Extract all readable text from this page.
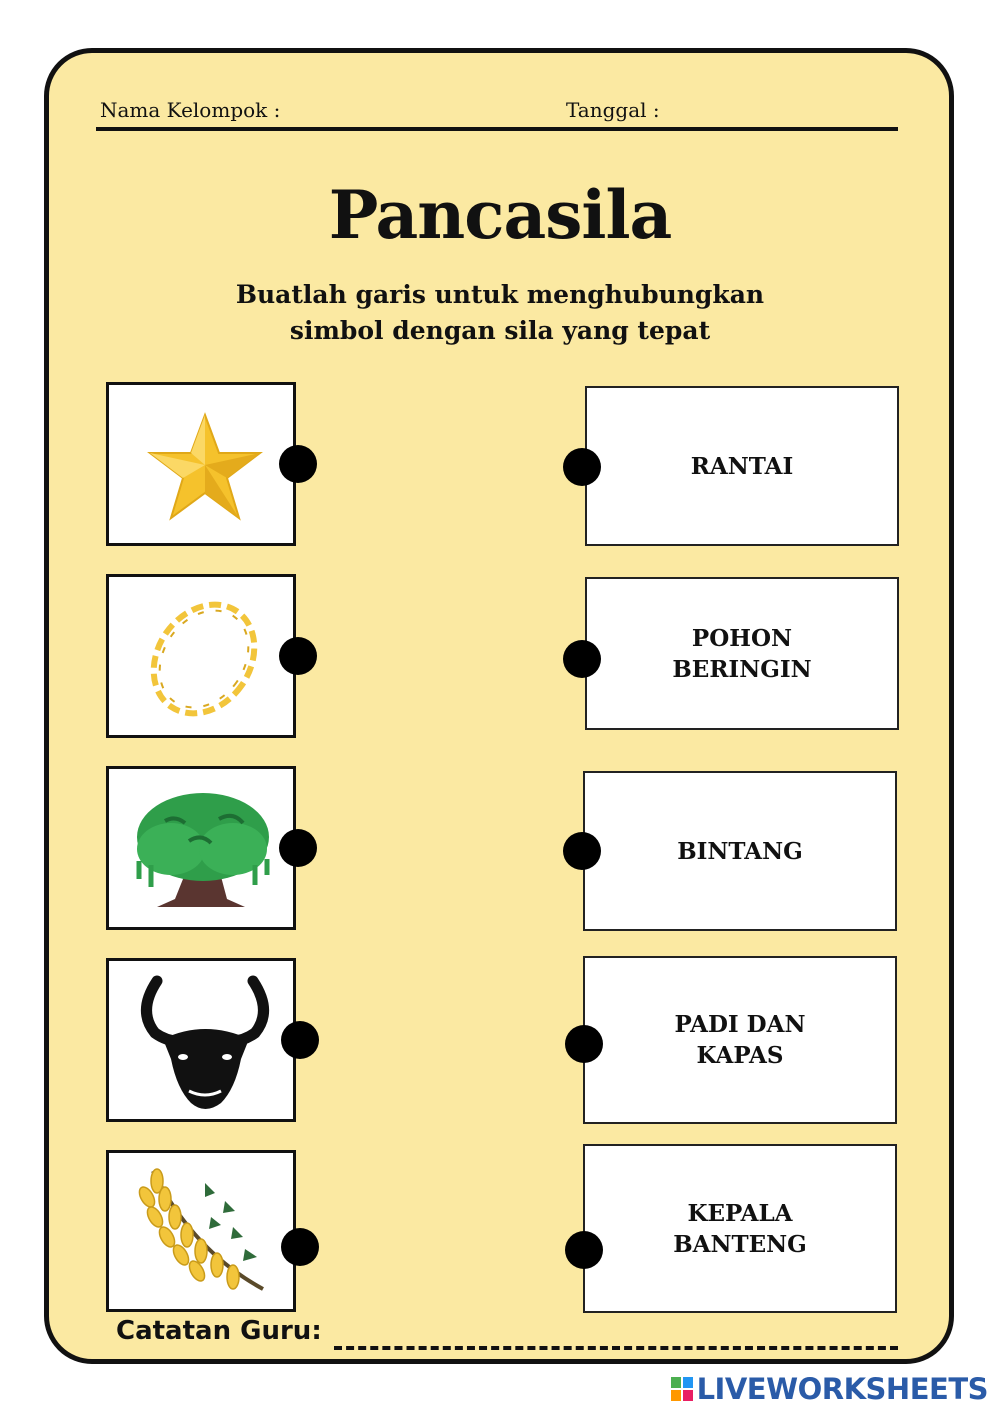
Nama Kelompok :	Tanggal :
Pancasila
Buatlah garis untuk menghubungkan
simbol dengan sila yang tepat
RANTAI
POHON
BERINGIN
BINTANG
PADI DAN
KAPAS
KEPALA
BANTENG
Catatan Guru:
LIVEWORKSHEETS
